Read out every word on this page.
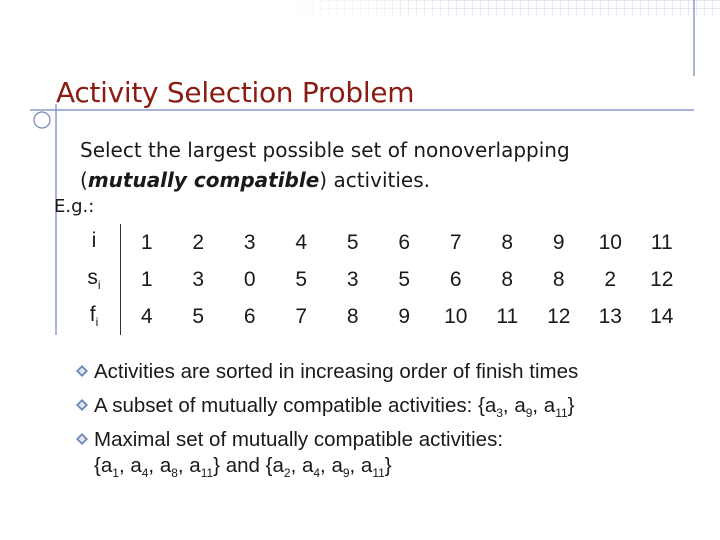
Activity Selection Problem
Select the largest possible set of nonoverlapping
(mutually compatible) activities.
E.g.:
i	1	2	3	4	5	6	7	8	9	10	11
$s_i$	1	3	0	5	3	5	6	8	8	2	12
$f_i$	4	5	6	7	8	9	10	11	12	13	14
Activities are sorted in increasing order of finish times
A subset of mutually compatible activities: {$a_3$, $a_9$, $a_{11}$}
Maximal set of mutually compatible activities:
{$a_1$, $a_4$, $a_8$, $a_{11}$} and {$a_2$, $a_4$, $a_9$, $a_{11}$}
